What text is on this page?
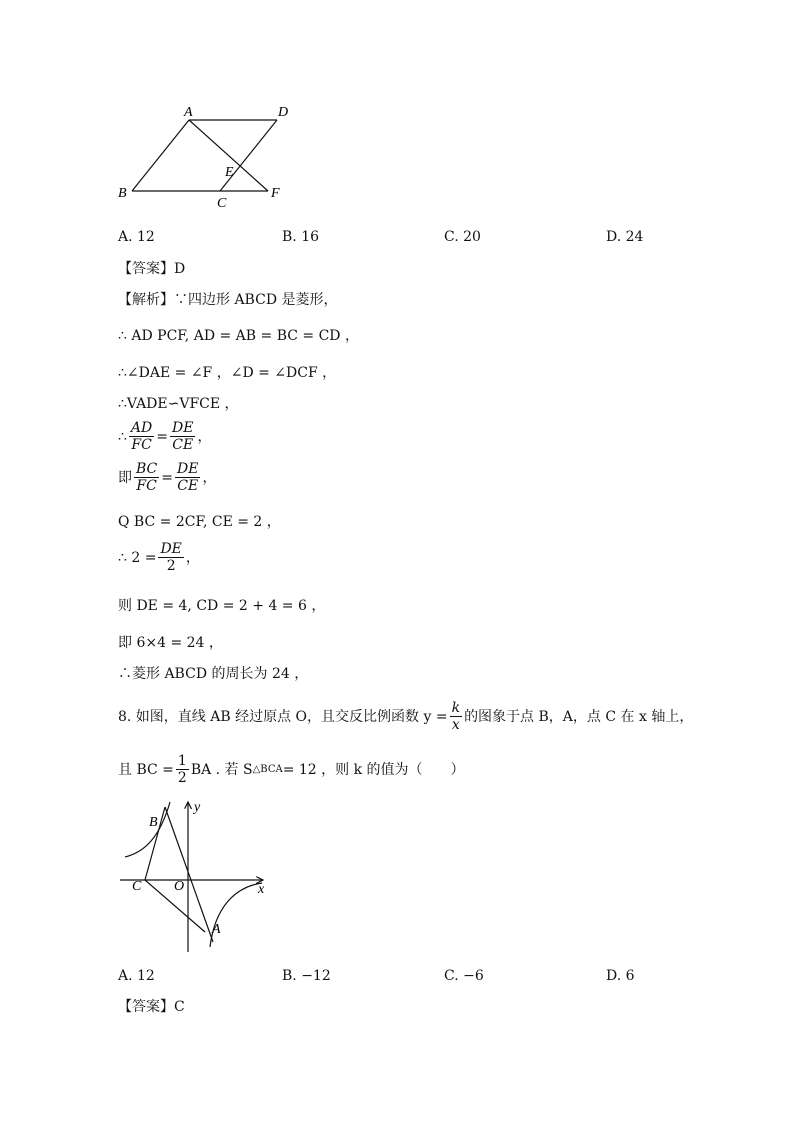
A	D
B
E
C
F
A. 12	B. 16	C. 20	D. 24
【答案】D
【解析】∵四边形 ABCD 是菱形，
∴ AD PCF, AD = AB = BC = CD ，
∴∠DAE = ∠F ，∠D = ∠DCF ，
∴VADE∽VFCE ，
∴ $\frac{AD}{FC} = \frac{DE}{CE}$ ，
即 $\frac{BC}{FC} = \frac{DE}{CE}$ ，
Q BC = 2CF, CE = 2 ，
∴ $2 = \frac{DE}{2}$ ，
则 DE = 4, CD = 2 + 4 = 6 ，
即 6×4 = 24 ，
∴菱形 ABCD 的周长为 24 ，
8. 如图，直线 AB 经过原点 O，且交反比例函数 $y = \frac{k}{x}$ 的图象于点 B，A，点 C 在 x 轴上，
且 BC = $\frac{1}{2}$ BA . 若 S △BCA = 12 ，则 k 的值为（　　）
B
C O
A
x
y
A. 12	B. −12	C. −6	D. 6
【答案】C
